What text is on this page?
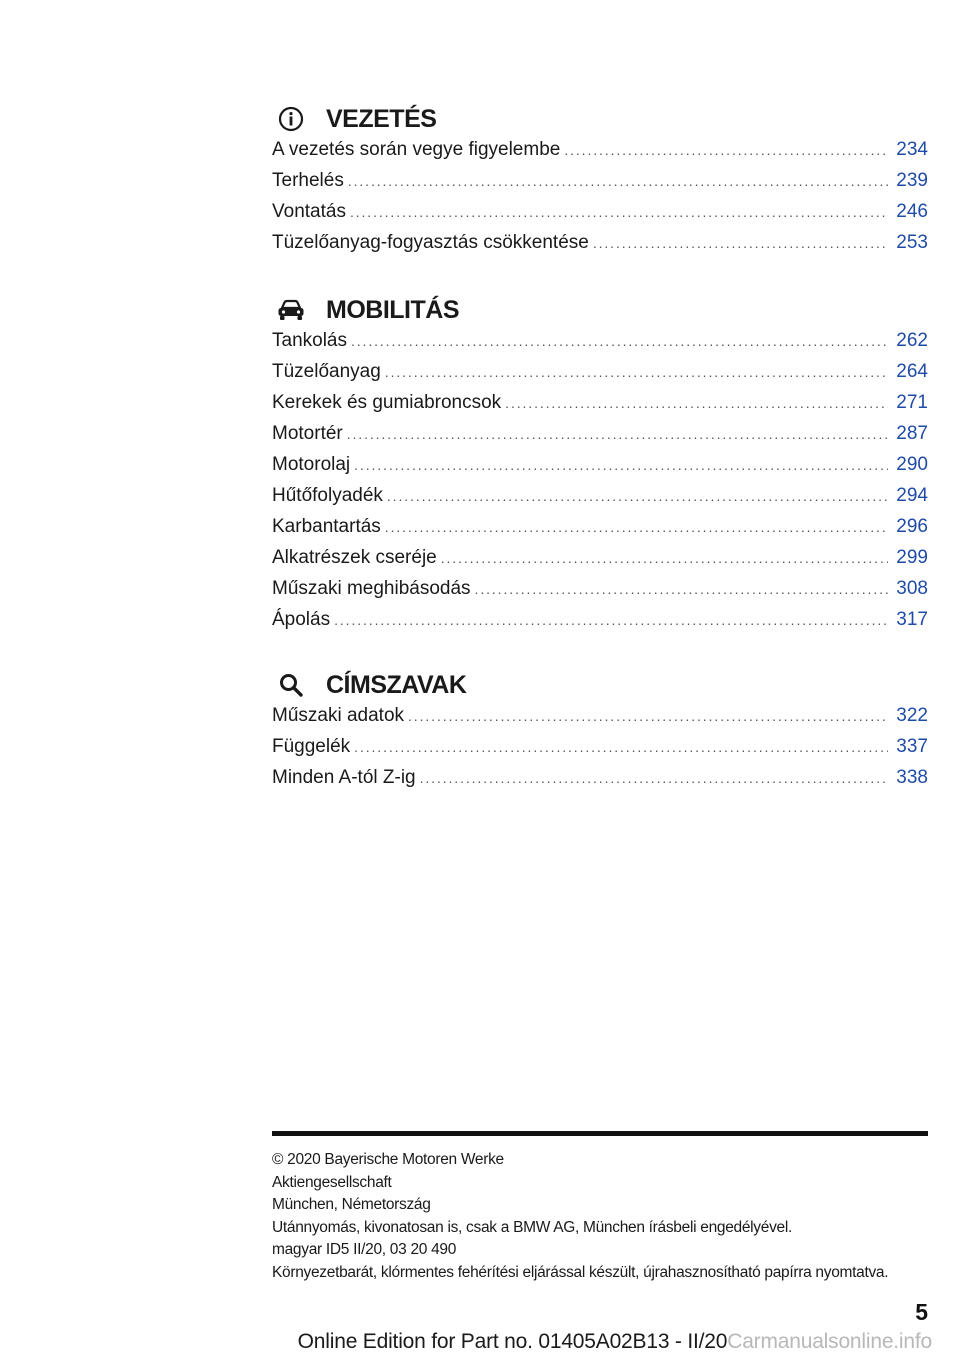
VEZETÉS
A vezetés során vegye figyelembe . . .	234
Terhelés . . .	239
Vontatás . . .	246
Tüzelőanyag-fogyasztás csökkentése . . .	253
MOBILITÁS
Tankolás . . .	262
Tüzelőanyag . . .	264
Kerekek és gumiabroncsok . . .	271
Motortér . . .	287
Motorolaj . . .	290
Hűtőfolyadék . . .	294
Karbantartás . . .	296
Alkatrészek cseréje . . .	299
Műszaki meghibásodás . . .	308
Ápolás . . .	317
CÍMSZAVAK
Műszaki adatok . . .	322
Függelék . . .	337
Minden A-tól Z-ig . . .	338
© 2020 Bayerische Motoren Werke
Aktiengesellschaft
München, Németország
Utánnyomás, kivonatosan is, csak a BMW AG, München írásbeli engedélyével.
magyar ID5 II/20, 03 20 490
Környezetbarát, klórmentes fehérítési eljárással készült, újrahasznosítható papírra nyomtatva.
5
Online Edition for Part no. 01405A02B13 - II/20Carmanualsonline.info
